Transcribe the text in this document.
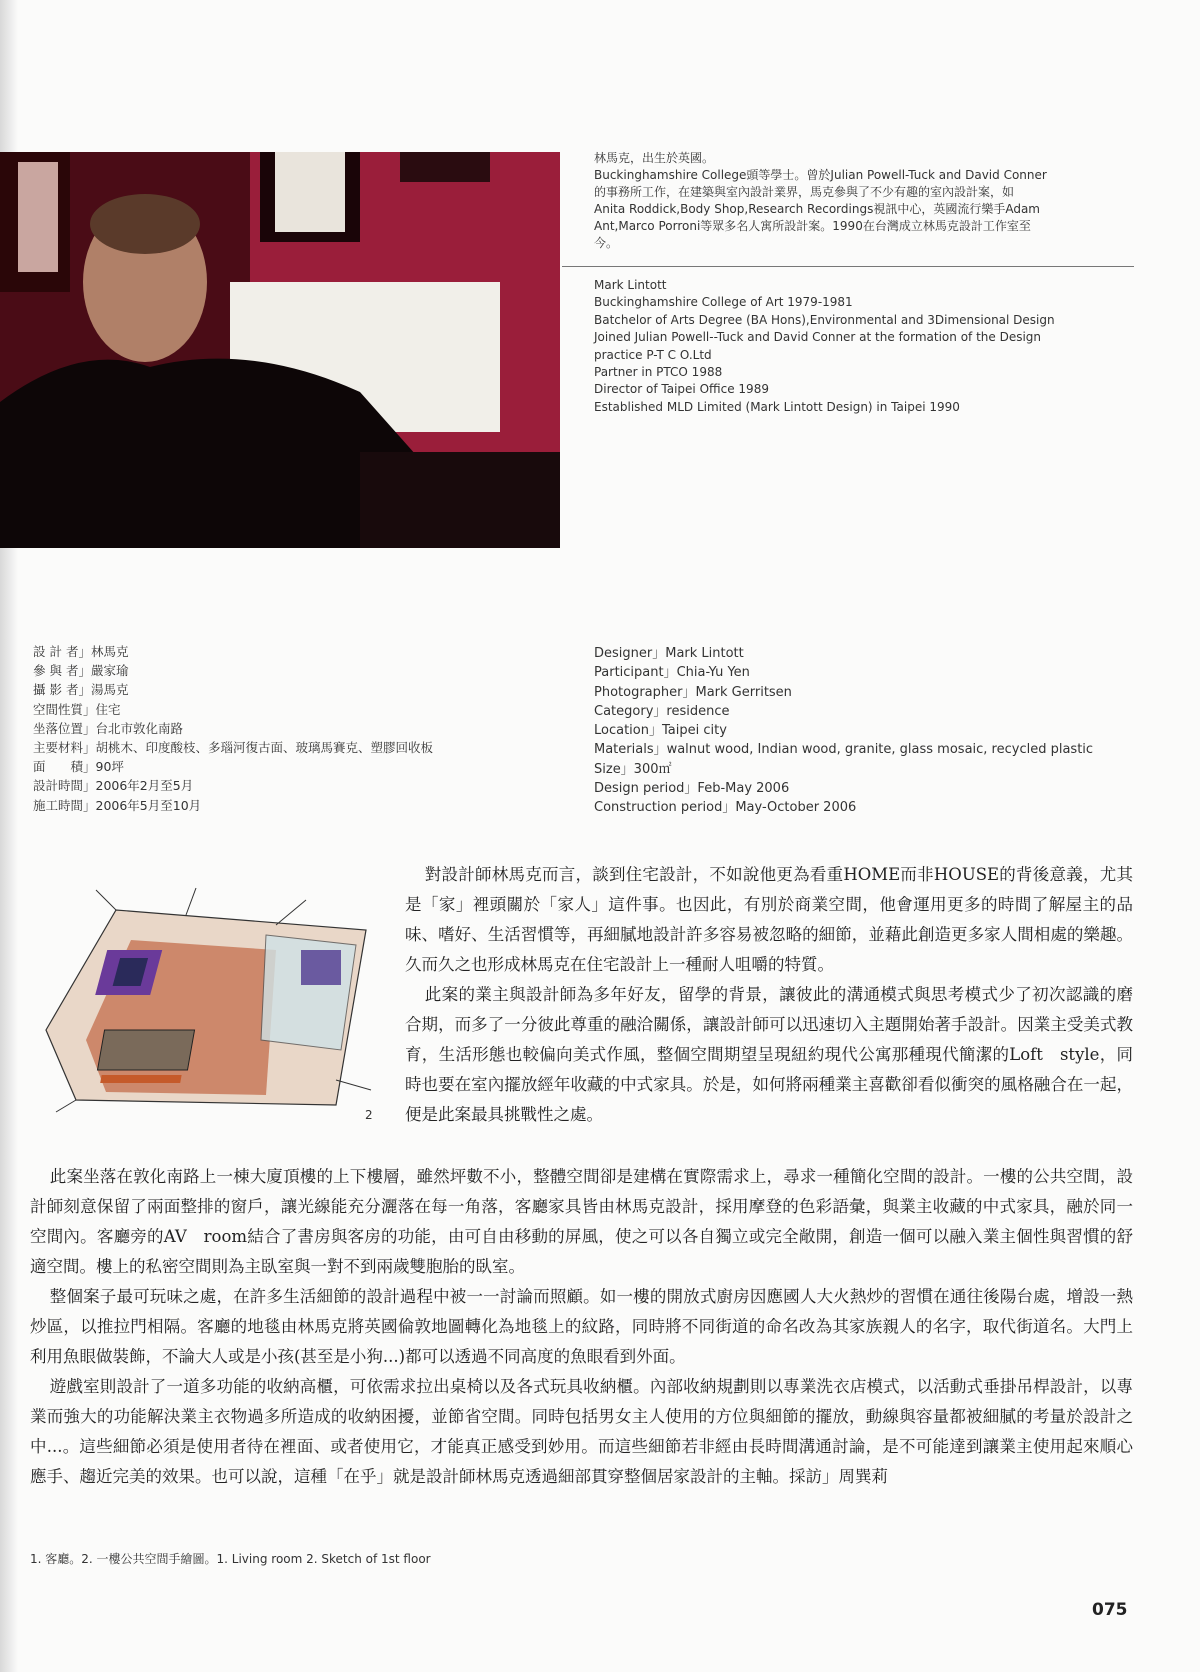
林馬克，出生於英國。
Buckinghamshire College頭等學士。曾於Julian Powell-Tuck and David Conner
的事務所工作，在建築與室內設計業界，馬克參與了不少有趣的室內設計案，如
Anita Roddick,Body Shop,Research Recordings視訊中心，英國流行樂手Adam
Ant,Marco Porroni等眾多名人寓所設計案。1990在台灣成立林馬克設計工作室至
今。
Mark Lintott
Buckinghamshire College of Art 1979-1981
Batchelor of Arts Degree (BA Hons),Environmental and 3Dimensional Design
Joined Julian Powell--Tuck and David Conner at the formation of the Design
practice P-T C O.Ltd
Partner in PTCO 1988
Director of Taipei Office 1989
Established MLD Limited (Mark Lintott Design) in Taipei 1990
設 計 者」林馬克
參 與 者」嚴家瑜
攝 影 者」湯馬克
空間性質」住宅
坐落位置」台北市敦化南路
主要材料」胡桃木、印度酸枝、多瑙河復古面、玻璃馬賽克、塑膠回收板
面　　積」90坪
設計時間」2006年2月至5月
施工時間」2006年5月至10月
Designer」Mark Lintott
Participant」Chia-Yu Yen
Photographer」Mark Gerritsen
Category」residence
Location」Taipei city
Materials」walnut wood, Indian wood, granite, glass mosaic, recycled plastic
Size」300㎡
Design period」Feb-May 2006
Construction period」May-October 2006
2

對設計師林馬克而言，談到住宅設計，不如說他更為看重HOME而非HOUSE的背後意義，尤其是「家」裡頭關於「家人」這件事。也因此，有別於商業空間，他會運用更多的時間了解屋主的品味、嗜好、生活習慣等，再細膩地設計許多容易被忽略的細節，並藉此創造更多家人間相處的樂趣。久而久之也形成林馬克在住宅設計上一種耐人咀嚼的特質。

此案的業主與設計師為多年好友，留學的背景，讓彼此的溝通模式與思考模式少了初次認識的磨合期，而多了一分彼此尊重的融洽關係，讓設計師可以迅速切入主題開始著手設計。因業主受美式教育，生活形態也較偏向美式作風，整個空間期望呈現紐約現代公寓那種現代簡潔的Loft　style，同時也要在室內擺放經年收藏的中式家具。於是，如何將兩種業主喜歡卻看似衝突的風格融合在一起，便是此案最具挑戰性之處。

此案坐落在敦化南路上一棟大廈頂樓的上下樓層，雖然坪數不小，整體空間卻是建構在實際需求上，尋求一種簡化空間的設計。一樓的公共空間，設計師刻意保留了兩面整排的窗戶，讓光線能充分灑落在每一角落，客廳家具皆由林馬克設計，採用摩登的色彩語彙，與業主收藏的中式家具，融於同一空間內。客廳旁的AV　room結合了書房與客房的功能，由可自由移動的屏風，使之可以各自獨立或完全敞開，創造一個可以融入業主個性與習慣的舒適空間。樓上的私密空間則為主臥室與一對不到兩歲雙胞胎的臥室。

整個案子最可玩味之處，在許多生活細節的設計過程中被一一討論而照顧。如一樓的開放式廚房因應國人大火熱炒的習慣在通往後陽台處，增設一熱炒區，以推拉門相隔。客廳的地毯由林馬克將英國倫敦地圖轉化為地毯上的紋路，同時將不同街道的命名改為其家族親人的名字，取代街道名。大門上利用魚眼做裝飾，不論大人或是小孩(甚至是小狗...)都可以透過不同高度的魚眼看到外面。

遊戲室則設計了一道多功能的收納高櫃，可依需求拉出桌椅以及各式玩具收納櫃。內部收納規劃則以專業洗衣店模式，以活動式垂掛吊桿設計，以專業而強大的功能解決業主衣物過多所造成的收納困擾，並節省空間。同時包括男女主人使用的方位與細節的擺放，動線與容量都被細膩的考量於設計之中...。這些細節必須是使用者待在裡面、或者使用它，才能真正感受到妙用。而這些細節若非經由長時間溝通討論，是不可能達到讓業主使用起來順心應手、趨近完美的效果。也可以說，這種「在乎」就是設計師林馬克透過細部貫穿整個居家設計的主軸。採訪」周巽莉

1. 客廳。2. 一樓公共空間手繪圖。1. Living room 2. Sketch of 1st floor
075
